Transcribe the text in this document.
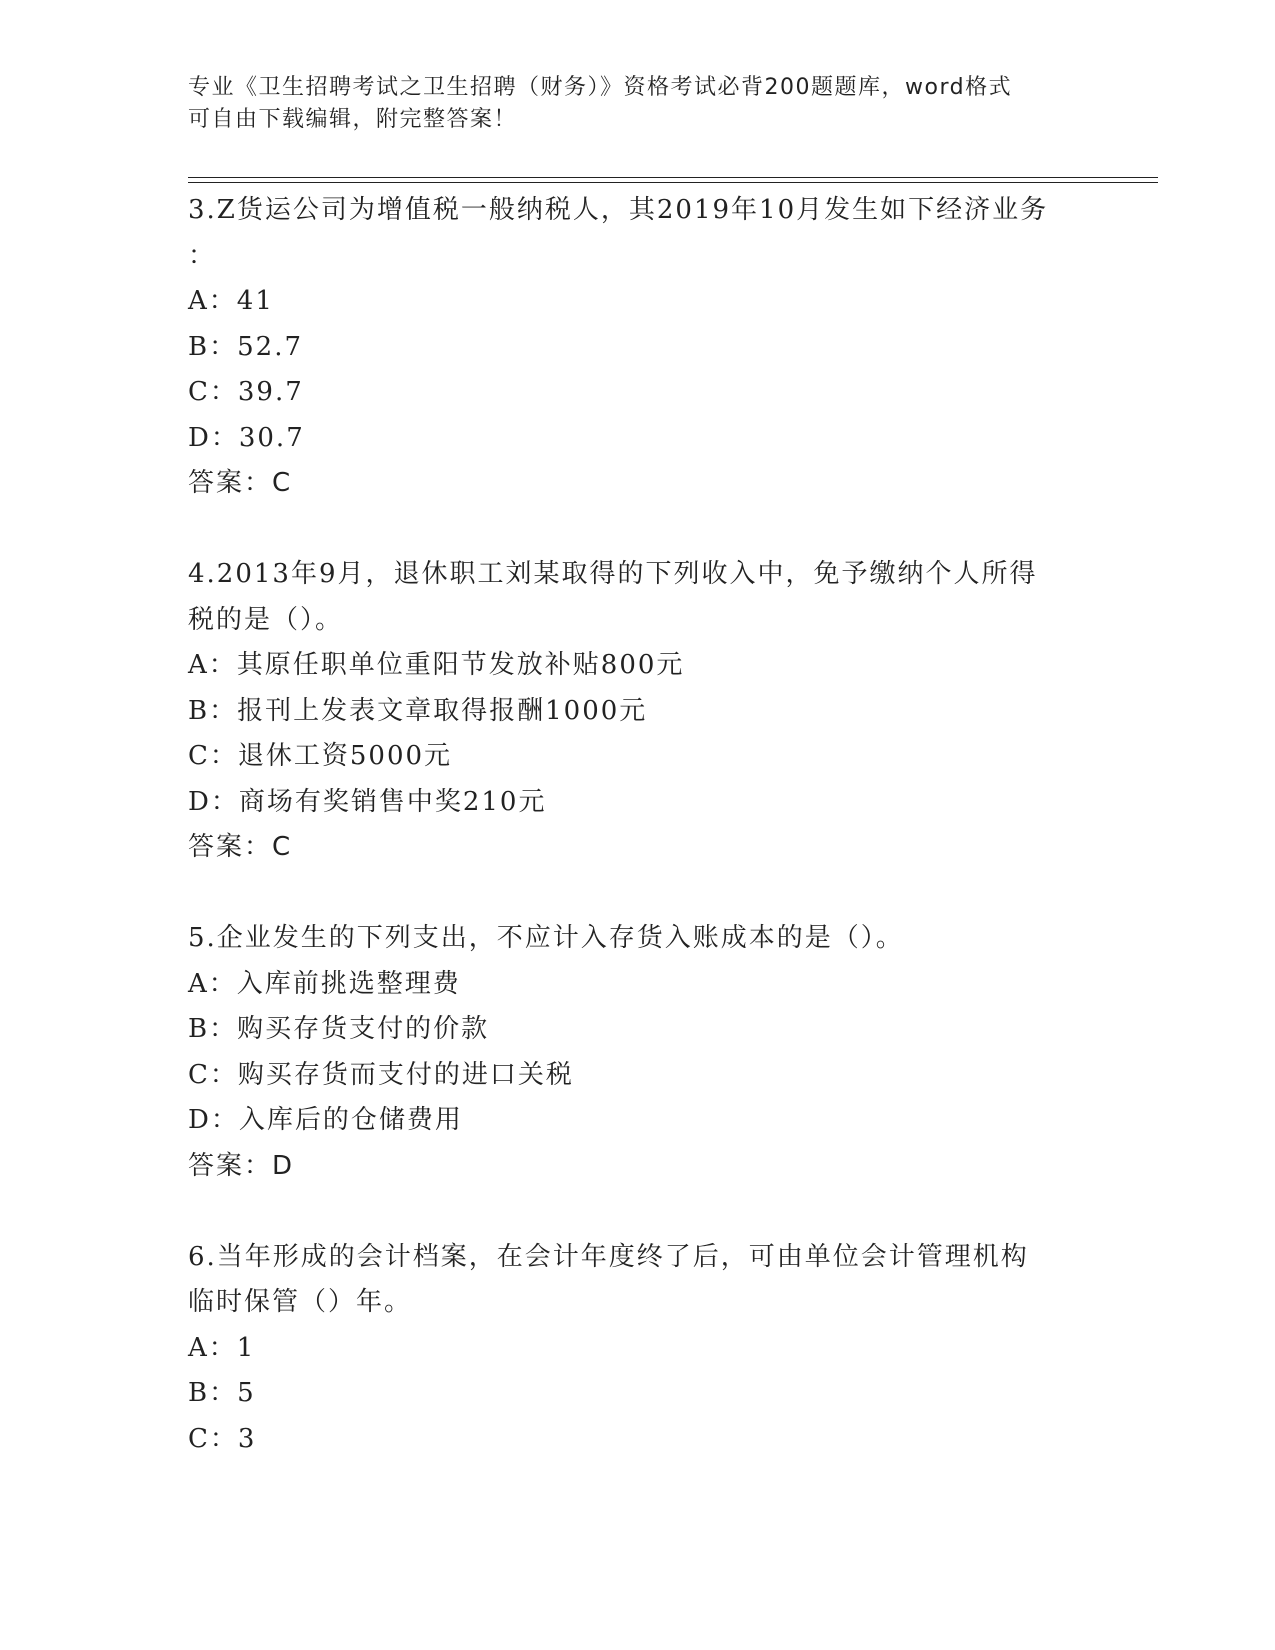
专业《卫生招聘考试之卫生招聘（财务）》资格考试必背200题题库，word格式
可自由下载编辑，附完整答案！
3.Z货运公司为增值税一般纳税人，其2019年10月发生如下经济业务
：
A：41
B：52.7
C：39.7
D：30.7
答案：C
4.2013年9月，退休职工刘某取得的下列收入中，免予缴纳个人所得
税的是（）。
A：其原任职单位重阳节发放补贴800元
B：报刊上发表文章取得报酬1000元
C：退休工资5000元
D：商场有奖销售中奖210元
答案：C
5.企业发生的下列支出，不应计入存货入账成本的是（）。
A：入库前挑选整理费
B：购买存货支付的价款
C：购买存货而支付的进口关税
D：入库后的仓储费用
答案：D
6.当年形成的会计档案，在会计年度终了后，可由单位会计管理机构
临时保管（）年。
A：1
B：5
C：3
